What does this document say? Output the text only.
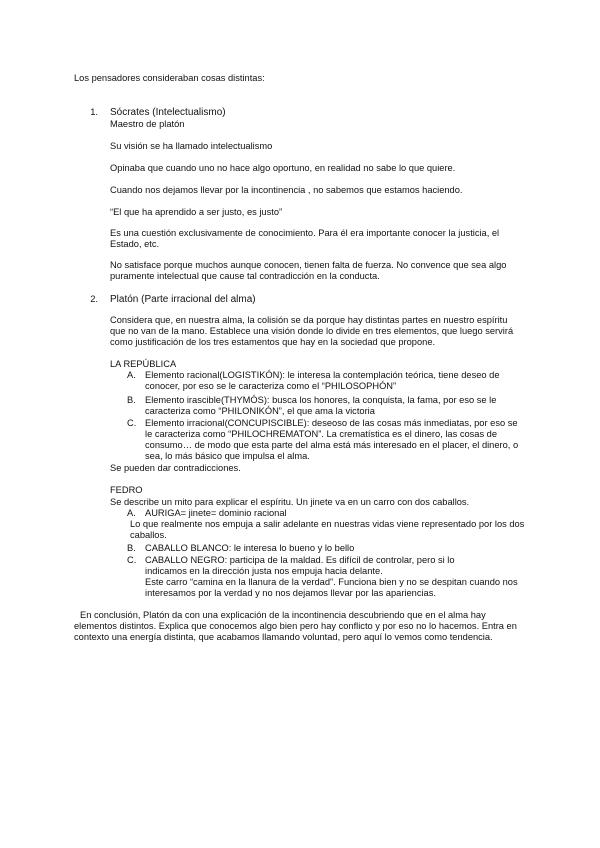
Los pensadores consideraban cosas distintas:
1. Sócrates (Intelectualismo)
Maestro de platón
Su visión se ha llamado intelectualismo
Opinaba que cuando uno no hace algo oportuno, en realidad no sabe lo que quiere.
Cuando nos dejamos llevar por la incontinencia , no sabemos que estamos haciendo.
“El que ha aprendido a ser justo, es justo”
Es una cuestión exclusivamente de conocimiento. Para él era importante conocer la justicia, el Estado, etc.
No satisface porque muchos aunque conocen, tienen falta de fuerza. No convence que sea algo puramente intelectual que cause tal contradicción en la conducta.
2. Platón (Parte irracional del alma)
Considera que, en nuestra alma, la colisión se da porque hay distintas partes en nuestro espíritu que no van de la mano. Establece una visión donde lo divide en tres elementos, que luego servirá como justificación de los tres estamentos que hay en la sociedad que propone.
LA REPÚBLICA
A. Elemento racional(LOGISTIKÓN): le interesa la contemplación teórica, tiene deseo de conocer, por eso se le caracteriza como el “PHILOSOPHÓN”
B. Elemento irascible(THYMÓS): busca los honores, la conquista, la fama, por eso se le caracteriza como “PHILONIKÓN”, el que ama la victoria
C. Elemento irracional(CONCUPISCIBLE): deseoso de las cosas más inmediatas, por eso se le caracteriza como “PHILOCHREMATON”. La crematística es el dinero, las cosas de consumo… de modo que esta parte del alma está más interesado en el placer, el dinero, o sea, lo más básico que impulsa el alma.
Se pueden dar contradicciones.
FEDRO
Se describe un mito para explicar el espíritu. Un jinete va en un carro con dos caballos.
A. AURIGA= jinete= dominio racional
Lo que realmente nos empuja a salir adelante en nuestras vidas viene representado por los dos caballos.
B. CABALLO BLANCO: le interesa lo bueno y lo bello
C. CABALLO NEGRO: participa de la maldad. Es difícil de controlar, pero si lo indicamos en la dirección justa nos empuja hacia delante.
Este carro “camina en la llanura de la verdad”. Funciona bien y no se despitan cuando nos interesamos por la verdad y no nos dejamos llevar por las apariencias.
En conclusión, Platón da con una explicación de la incontinencia descubriendo que en el alma hay elementos distintos. Explica que conocemos algo bien pero hay conflicto y por eso no lo hacemos. Entra en contexto una energía distinta, que acabamos llamando voluntad, pero aquí lo vemos como tendencia.
